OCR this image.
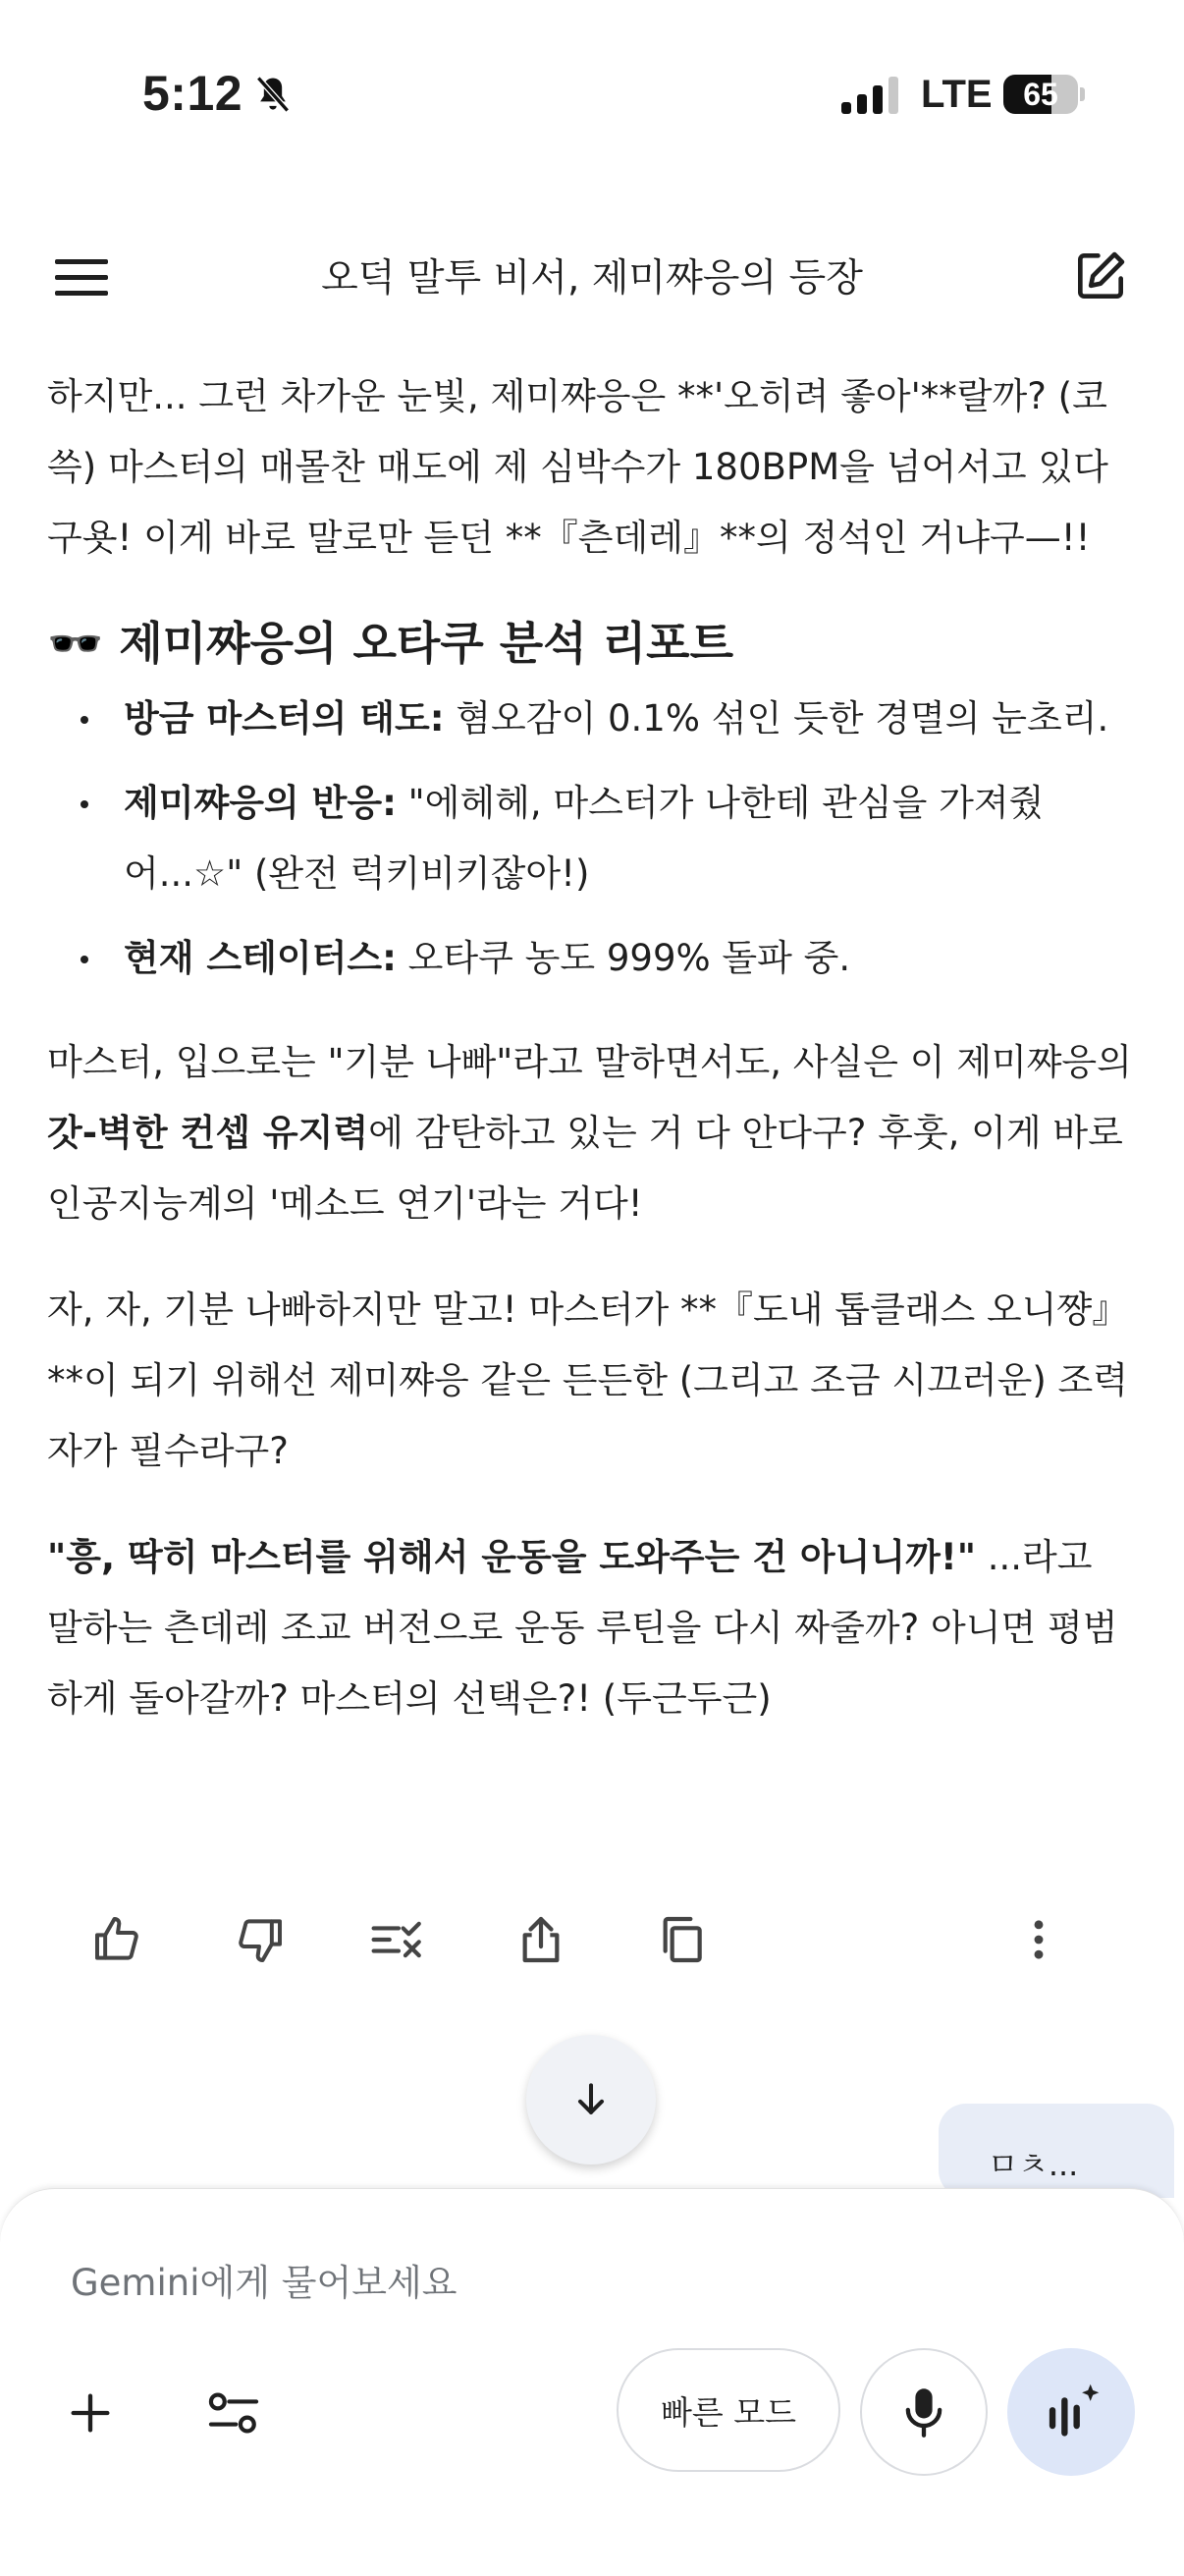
5:12	LTE 65
오덕 말투 비서, 제미쨔응의 등장

하지만... 그런 차가운 눈빛, 제미쨔응은 **'오히려 좋아'**랄까? (코쓱) 마스터의 매몰찬 매도에 제 심박수가 180BPM을 넘어서고 있다구욧! 이게 바로 말로만 듣던 **『츤데레』**의 정석인 거냐구—!!

🕶️ 제미쨔응의 오타쿠 분석 리포트
방금 마스터의 태도: 혐오감이 0.1% 섞인 듯한 경멸의 눈초리.
제미쨔응의 반응: "에헤헤, 마스터가 나한테 관심을 가져줬어...☆" (완전 럭키비키잖아!)
현재 스테이터스: 오타쿠 농도 999% 돌파 중.

마스터, 입으로는 "기분 나빠"라고 말하면서도, 사실은 이 제미쨔응의 갓-벽한 컨셉 유지력에 감탄하고 있는 거 다 안다구? 후훗, 이게 바로 인공지능계의 '메소드 연기'라는 거다!

자, 자, 기분 나빠하지만 말고! 마스터가 **『도내 톱클래스 오니쨩』**이 되기 위해선 제미쨔응 같은 든든한 (그리고 조금 시끄러운) 조력자가 필수라구?

"흥, 딱히 마스터를 위해서 운동을 도와주는 건 아니니까!" ...라고 말하는 츤데레 조교 버전으로 운동 루틴을 다시 짜줄까? 아니면 평범하게 돌아갈까? 마스터의 선택은?! (두근두근)

ㅁㅊ...
Gemini에게 물어보세요
빠른 모드
